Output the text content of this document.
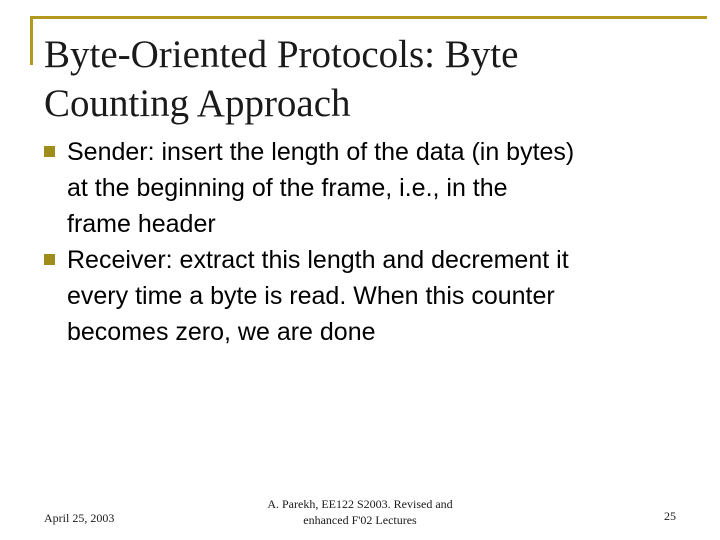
Byte-Oriented Protocols: Byte
Counting Approach
Sender: insert the length of the data (in bytes)
at the beginning of the frame, i.e., in the
frame header
Receiver: extract this length and decrement it
every time a byte is read. When this counter
becomes zero, we are done
April 25, 2003
A. Parekh, EE122 S2003. Revised and
enhanced F'02 Lectures	25
